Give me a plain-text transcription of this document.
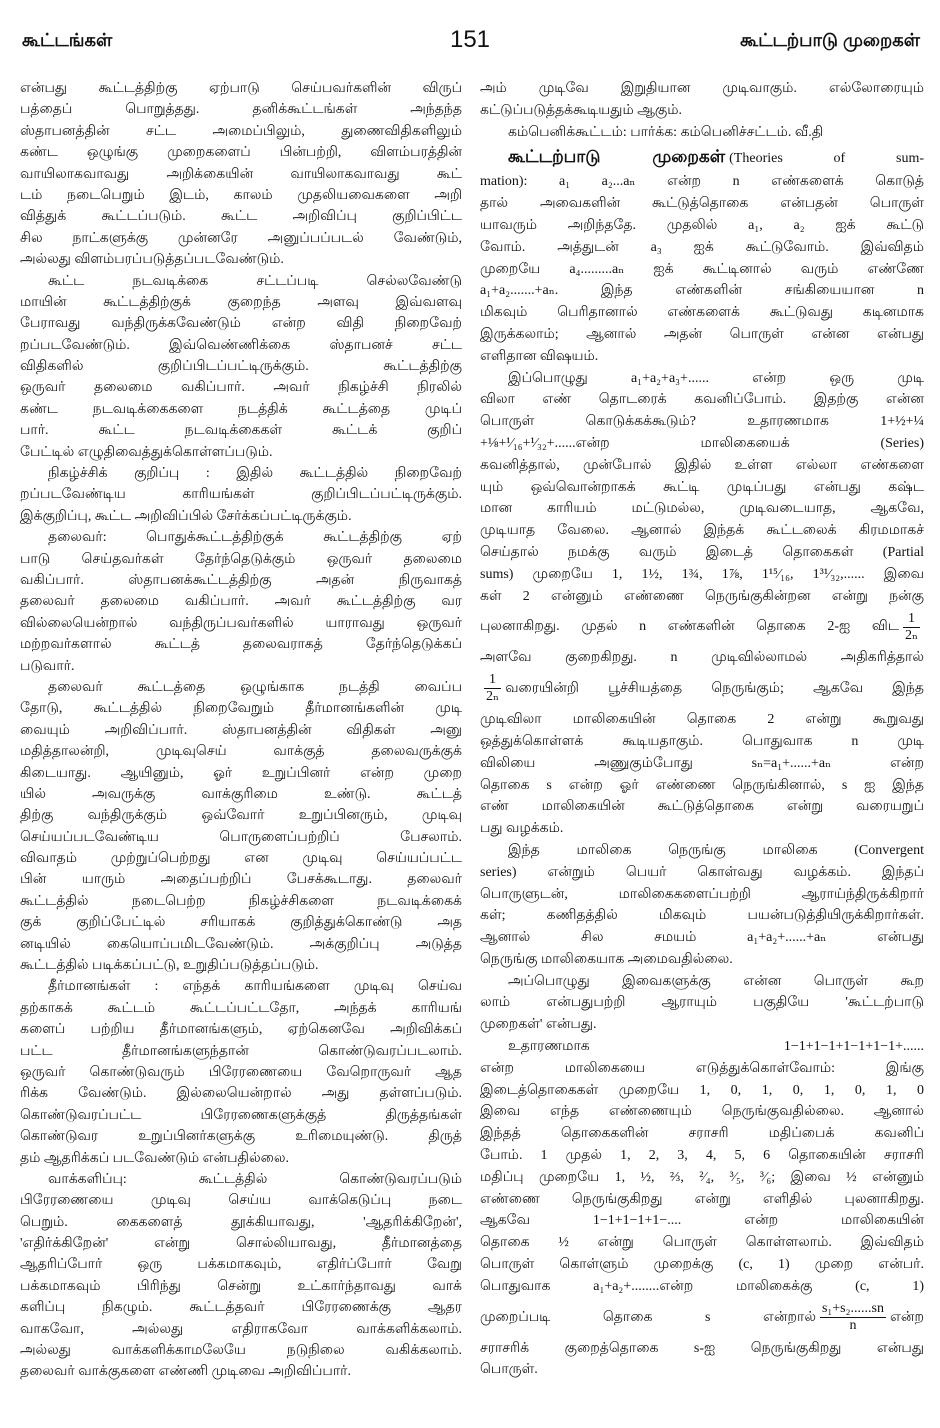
கூட்டங்கள்	151	கூட்டற்பாடு முறைகள்
என்பது கூட்டத்திற்கு ஏற்பாடு செய்பவர்களின் விருப்
பத்தைப் பொறுத்தது. தனிக்கூட்டங்கள் அந்தந்த
ஸ்தாபனத்தின் சட்ட அமைப்பிலும், துணைவிதிகளிலும்
கண்ட ஒழுங்கு முறைகளைப் பின்பற்றி, விளம்பரத்தின்
வாயிலாகவாவது அறிக்கையின் வாயிலாகவாவது கூட்
டம் நடைபெறும் இடம், காலம் முதலியவைகளை அறி
வித்துக் கூட்டப்படும். கூட்ட அறிவிப்பு குறிப்பிட்ட
சில நாட்களுக்கு முன்னரே அனுப்பப்படல் வேண்டும்,
அல்லது விளம்பரப்படுத்தப்படவேண்டும்.
கூட்ட நடவடிக்கை சட்டப்படி செல்லவேண்டு
மாயின் கூட்டத்திற்குக் குறைந்த அளவு இவ்வளவு
பேராவது வந்திருக்கவேண்டும் என்ற விதி நிறைவேற்
றப்படவேண்டும். இவ்வெண்ணிக்கை ஸ்தாபனச் சட்ட
விதிகளில் குறிப்பிடப்பட்டிருக்கும். கூட்டத்திற்கு
ஒருவர் தலைமை வகிப்பார். அவர் நிகழ்ச்சி நிரலில்
கண்ட நடவடிக்கைகளை நடத்திக் கூட்டத்தை முடிப்
பார். கூட்ட நடவடிக்கைகள் கூட்டக் குறிப்
பேட்டில் எழுதிவைத்துக்கொள்ளப்படும்.
நிகழ்ச்சிக் குறிப்பு : இதில் கூட்டத்தில் நிறைவேற்
றப்படவேண்டிய காரியங்கள் குறிப்பிடப்பட்டிருக்கும்.
இக்குறிப்பு, கூட்ட அறிவிப்பில் சேர்க்கப்பட்டிருக்கும்.
தலைவர்: பொதுக்கூட்டத்திற்குக் கூட்டத்திற்கு ஏற்
பாடு செய்தவர்கள் தேர்ந்தெடுக்கும் ஒருவர் தலைமை
வகிப்பார். ஸ்தாபனக்கூட்டத்திற்கு அதன் நிருவாகத்
தலைவர் தலைமை வகிப்பார். அவர் கூட்டத்திற்கு வர
வில்லையென்றால் வந்திருப்பவர்களில் யாராவது ஒருவர்
மற்றவர்களால் கூட்டத் தலைவராகத் தேர்ந்தெடுக்கப்
படுவார்.
தலைவர் கூட்டத்தை ஒழுங்காக நடத்தி வைப்ப
தோடு, கூட்டத்தில் நிறைவேறும் தீர்மானங்களின் முடி
வையும் அறிவிப்பார். ஸ்தாபனத்தின் விதிகள் அனு
மதித்தாலன்றி, முடிவுசெய் வாக்குத் தலைவருக்குக்
கிடையாது. ஆயினும், ஓர் உறுப்பினர் என்ற முறை
யில் அவருக்கு வாக்குரிமை உண்டு. கூட்டத்
திற்கு வந்திருக்கும் ஒவ்வோர் உறுப்பினரும், முடிவு
செய்யப்படவேண்டிய பொருளைப்பற்றிப் பேசலாம்.
விவாதம் முற்றுப்பெற்றது என முடிவு செய்யப்பட்ட
பின் யாரும் அதைப்பற்றிப் பேசக்கூடாது. தலைவர்
கூட்டத்தில் நடைபெற்ற நிகழ்ச்சிகளை நடவடிக்கைக்
குக் குறிப்பேட்டில் சரியாகக் குறித்துக்கொண்டு அத
னடியில் கையொப்பமிடவேண்டும். அக்குறிப்பு அடுத்த
கூட்டத்தில் படிக்கப்பட்டு, உறுதிப்படுத்தப்படும்.
தீர்மானங்கள் : எந்தக் காரியங்களை முடிவு செய்வ
தற்காகக் கூட்டம் கூட்டப்பட்டதோ, அந்தக் காரியங்
களைப் பற்றிய தீர்மானங்களும், ஏற்கெனவே அறிவிக்கப்
பட்ட தீர்மானங்களுந்தான் கொண்டுவரப்படலாம்.
ஒருவர் கொண்டுவரும் பிரேரணையை வேறொருவர் ஆத
ரிக்க வேண்டும். இல்லையென்றால் அது தள்ளப்படும்.
கொண்டுவரப்பட்ட பிரேரணைகளுக்குத் திருத்தங்கள்
கொண்டுவர உறுப்பினர்களுக்கு உரிமையுண்டு. திருத்
தம் ஆதரிக்கப் படவேண்டும் என்பதில்லை.
வாக்களிப்பு: கூட்டத்தில் கொண்டுவரப்படும்
பிரேரணையை முடிவு செய்ய வாக்கெடுப்பு நடை
பெறும். கைகளைத் தூக்கியாவது, 'ஆதரிக்கிறேன்',
'எதிர்க்கிறேன்' என்று சொல்லியாவது, தீர்மானத்தை
ஆதரிப்போர் ஒரு பக்கமாகவும், எதிர்ப்போர் வேறு
பக்கமாகவும் பிரிந்து சென்று உட்கார்ந்தாவது வாக்
களிப்பு நிகழும். கூட்டத்தவர் பிரேரணைக்கு ஆதர
வாகவோ, அல்லது எதிராகவோ வாக்களிக்கலாம்.
அல்லது வாக்களிக்காமலேயே நடுநிலை வகிக்கலாம்.
தலைவர் வாக்குகளை எண்ணி முடிவை அறிவிப்பார்.
அம் முடிவே இறுதியான முடிவாகும். எல்லோரையும்
கட்டுப்படுத்தக்கூடியதும் ஆகும்.
கம்பெனிக்கூட்டம்: பார்க்க: கம்பெனிச்சட்டம். வீ.தி
கூட்டற்பாடு முறைகள் (Theories of sum-
mation): a₁ a₂...aₙ என்ற n எண்களைக் கொடுத்
தால் அவைகளின் கூட்டுத்தொகை என்பதன் பொருள்
யாவரும் அறிந்ததே. முதலில் a₁, a₂ ஐக் கூட்டு
வோம். அத்துடன் a₃ ஐக் கூட்டுவோம். இவ்விதம்
முறையே a₄.........aₙ ஐக் கூட்டினால் வரும் எண்ணே
a₁+a₂.......+aₙ. இந்த எண்களின் சங்கியையான n
மிகவும் பெரிதானால் எண்களைக் கூட்டுவது கடினமாக
இருக்கலாம்; ஆனால் அதன் பொருள் என்ன என்பது
எளிதான விஷயம்.
இப்பொழுது a₁+a₂+a₃+...... என்ற ஒரு முடி
விலா எண் தொடரைக் கவனிப்போம். இதற்கு என்ன
பொருள் கொடுக்கக்கூடும்? உதாரணமாக 1+½+¼
+⅛+¹⁄₁₆+¹⁄₃₂+......என்ற மாலிகையைக் (Series)
கவனித்தால், முன்போல் இதில் உள்ள எல்லா எண்களை
யும் ஒவ்வொன்றாகக் கூட்டி முடிப்பது என்பது கஷ்ட
மான காரியம் மட்டுமல்ல, முடிவடையாத, ஆகவே,
முடியாத வேலை. ஆனால் இந்தக் கூட்டலைக் கிரமமாகச்
செய்தால் நமக்கு வரும் இடைத் தொகைகள் (Partial
sums) முறையே 1, 1½, 1¾, 1⅞, 1¹⁵⁄₁₆, 1³¹⁄₃₂,...... இவை
கள் 2 என்னும் எண்ணை நெருங்குகின்றன என்று நன்கு
புலனாகிறது. முதல் n எண்களின் தொகை 2-ஐ விட $\frac{1}{\text{2ₙ}}$
அளவே குறைகிறது. n முடிவில்லாமல் அதிகரித்தால்
$\frac{1}{\text{2ₙ}}$ வரையின்றி பூச்சியத்தை நெருங்கும்; ஆகவே இந்த
முடிவிலா மாலிகையின் தொகை 2 என்று கூறுவது
ஒத்துக்கொள்ளக் கூடியதாகும். பொதுவாக n முடி
விலியை அணுகும்போது sₙ=a₁+......+aₙ என்ற
தொகை s என்ற ஓர் எண்ணை நெருங்கினால், s ஐ இந்த
எண் மாலிகையின் கூட்டுத்தொகை என்று வரையறுப்
பது வழக்கம்.
இந்த மாலிகை நெருங்கு மாலிகை (Convergent
series) என்றும் பெயர் கொள்வது வழக்கம். இந்தப்
பொருளுடன், மாலிகைகளைப்பற்றி ஆராய்ந்திருக்கிறார்
கள்; கணிதத்தில் மிகவும் பயன்படுத்தியிருக்கிறார்கள்.
ஆனால் சில சமயம் a₁+a₂+......+aₙ என்பது
நெருங்கு மாலிகையாக அமைவதில்லை.
அப்பொழுது இவைகளுக்கு என்ன பொருள் கூற
லாம் என்பதுபற்றி ஆராயும் பகுதியே 'கூட்டற்பாடு
முறைகள்' என்பது.
உதாரணமாக 1−1+1−1+1−1+1−1+......
என்ற மாலிகையை எடுத்துக்கொள்வோம்: இங்கு
இடைத்தொகைகள் முறையே 1, 0, 1, 0, 1, 0, 1, 0
இவை எந்த எண்ணையும் நெருங்குவதில்லை. ஆனால்
இந்தத் தொகைகளின் சராசரி மதிப்பைக் கவனிப்
போம். 1 முதல் 1, 2, 3, 4, 5, 6 தொகையின் சராசரி
மதிப்பு முறையே 1, ½, ⅔, ²⁄₄, ³⁄₅, ³⁄₆; இவை ½ என்னும்
எண்ணை நெருங்குகிறது என்று எளிதில் புலனாகிறது.
ஆகவே 1−1+1−1+1−.... என்ற மாலிகையின்
தொகை ½ என்று பொருள் கொள்ளலாம். இவ்விதம்
பொருள் கொள்ளும் முறைக்கு (c, 1) முறை என்பர்.
பொதுவாக a₁+a₂+........என்ற மாலிகைக்கு (c, 1)
முறைப்படி தொகை s என்றால் $\frac{\text{s₁+s₂......sn}}{n}$ என்ற
சராசரிக் குறைத்தொகை s-ஐ நெருங்குகிறது என்பது
பொருள்.
